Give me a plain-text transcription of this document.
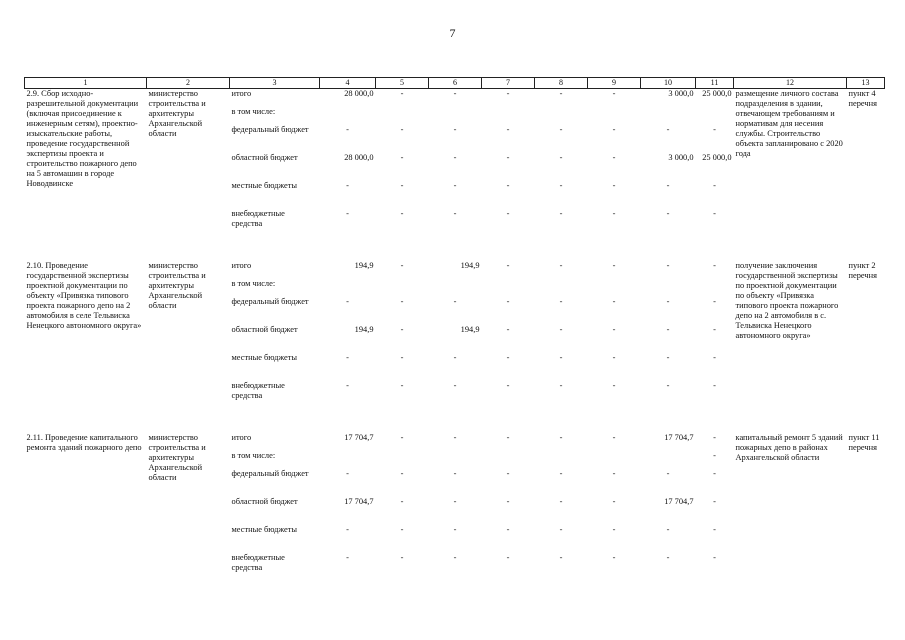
7
1	2	3	4	5	6	7	8	9	10	11	12	13
2.9. Сбор исходно-разрешительной документации (включая присоединение к инженерным сетям), проектно-изыскательские работы, проведение государственной экспертизы проекта и строительство пожарного депо на 5 автомашин в городе Новодвинске	министерство строительства и архитектуры Архангельской области	итого	28 000,0	-	-	-	-	-	3 000,0	25 000,0	размещение личного состава подразделения в здании, отвечающем требованиям и нормативам для несения службы. Строительство объекта запланировано с 2020 года	пункт 4 перечня
		в том числе:										
		федеральный бюджет	-	-	-	-	-	-	-	-		
		областной бюджет	28 000,0	-	-	-	-	-	3 000,0	25 000,0		
		местные бюджеты	-	-	-	-	-	-	-	-		
		внебюджетные средства	-	-	-	-	-	-	-	-		

2.10. Проведение государственной экспертизы проектной документации по объекту «Привязка типового проекта пожарного депо на 2 автомобиля в селе Тельвиска Ненецкого автономного округа»	министерство строительства и архитектуры Архангельской области	итого	194,9	-	194,9	-	-	-	-	-	получение заключения государственной экспертизы по проектной документации по объекту «Привязка типового проекта пожарного депо на 2 автомобиля в с. Тельвиска Ненецкого автономного округа»	пункт 2 перечня
		в том числе:										
		федеральный бюджет	-	-	-	-	-	-	-	-		
		областной бюджет	194,9	-	194,9	-	-	-	-	-		
		местные бюджеты	-	-	-	-	-	-	-	-		
		внебюджетные средства	-	-	-	-	-	-	-	-		

2.11. Проведение капитального ремонта зданий пожарного депо	министерство строительства и архитектуры Архангельской области	итого	17 704,7	-	-	-	-	-	17 704,7	-	капитальный ремонт 5 зданий пожарных депо в районах Архангельской области	пункт 11 перечня
		в том числе:								-		
		федеральный бюджет	-	-	-	-	-	-	-	-		
		областной бюджет	17 704,7	-	-	-	-	-	17 704,7	-		
		местные бюджеты	-	-	-	-	-	-	-	-		
		внебюджетные средства	-	-	-	-	-	-	-	-		
